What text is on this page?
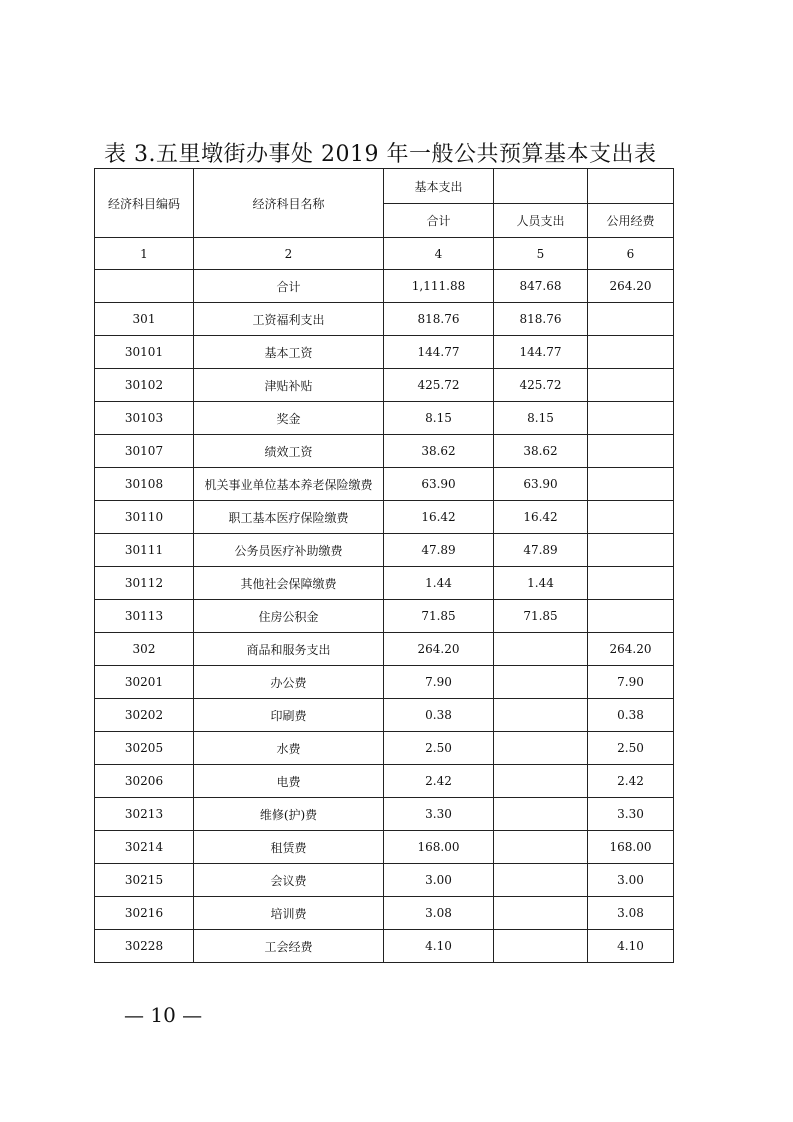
表 3.五里墩街办事处 2019 年一般公共预算基本支出表
经济科目编码	经济科目名称	基本支出		
		合计	人员支出	公用经费
1	2	4	5	6
	合计	1,111.88	847.68	264.20
301	工资福利支出	818.76	818.76	
30101	基本工资	144.77	144.77	
30102	津贴补贴	425.72	425.72	
30103	奖金	8.15	8.15	
30107	绩效工资	38.62	38.62	
30108	机关事业单位基本养老保险缴费	63.90	63.90	
30110	职工基本医疗保险缴费	16.42	16.42	
30111	公务员医疗补助缴费	47.89	47.89	
30112	其他社会保障缴费	1.44	1.44	
30113	住房公积金	71.85	71.85	
302	商品和服务支出	264.20		264.20
30201	办公费	7.90		7.90
30202	印刷费	0.38		0.38
30205	水费	2.50		2.50
30206	电费	2.42		2.42
30213	维修(护)费	3.30		3.30
30214	租赁费	168.00		168.00
30215	会议费	3.00		3.00
30216	培训费	3.08		3.08
30228	工会经费	4.10		4.10
— 10 —
